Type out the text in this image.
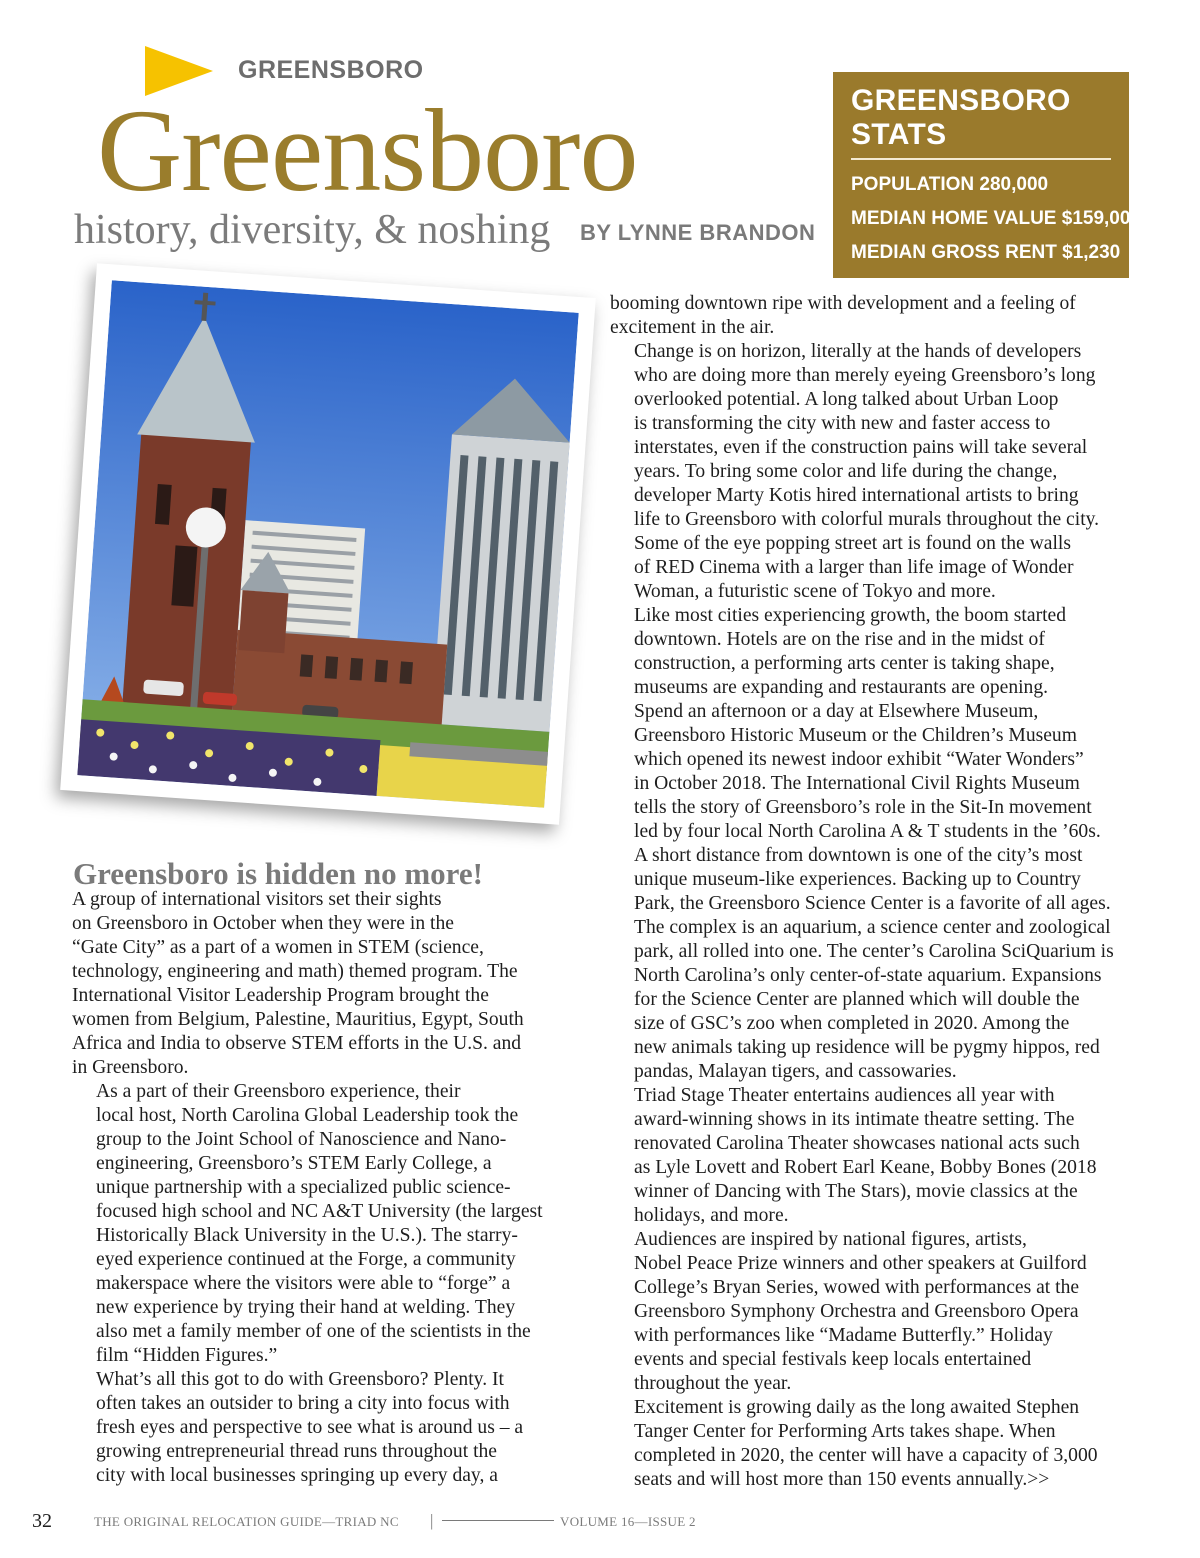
GREENSBORO
Greensboro
history, diversity, & noshing BY LYNNE BRANDON
GREENSBORO STATS
POPULATION 280,000
MEDIAN HOME VALUE $159,000
MEDIAN GROSS RENT $1,230
COST OF LIVING 88.4 / US 100
Greensboro is hidden no more!

A group of international visitors set their sights
on Greensboro in October when they were in the
“Gate City” as a part of a women in STEM (science,
technology, engineering and math) themed program. The
International Visitor Leadership Program brought the
women from Belgium, Palestine, Mauritius, Egypt, South
Africa and India to observe STEM efforts in the U.S. and
in Greensboro.

As a part of their Greensboro experience, their
local host, North Carolina Global Leadership took the
group to the Joint School of Nanoscience and Nano-
engineering, Greensboro’s STEM Early College, a
unique partnership with a specialized public science-
focused high school and NC A&T University (the largest
Historically Black University in the U.S.). The starry-
eyed experience continued at the Forge, a community
makerspace where the visitors were able to “forge” a
new experience by trying their hand at welding. They
also met a family member of one of the scientists in the
film “Hidden Figures.”

What’s all this got to do with Greensboro? Plenty. It
often takes an outsider to bring a city into focus with
fresh eyes and perspective to see what is around us – a
growing entrepreneurial thread runs throughout the
city with local businesses springing up every day, a

booming downtown ripe with development and a feeling of
excitement in the air.

Change is on horizon, literally at the hands of developers
who are doing more than merely eyeing Greensboro’s long
overlooked potential. A long talked about Urban Loop
is transforming the city with new and faster access to
interstates, even if the construction pains will take several
years. To bring some color and life during the change,
developer Marty Kotis hired international artists to bring
life to Greensboro with colorful murals throughout the city.
Some of the eye popping street art is found on the walls
of RED Cinema with a larger than life image of Wonder
Woman, a futuristic scene of Tokyo and more.

Like most cities experiencing growth, the boom started
downtown. Hotels are on the rise and in the midst of
construction, a performing arts center is taking shape,
museums are expanding and restaurants are opening.

Spend an afternoon or a day at Elsewhere Museum,
Greensboro Historic Museum or the Children’s Museum
which opened its newest indoor exhibit “Water Wonders”
in October 2018. The International Civil Rights Museum
tells the story of Greensboro’s role in the Sit-In movement
led by four local North Carolina A & T students in the ’60s.

A short distance from downtown is one of the city’s most
unique museum-like experiences. Backing up to Country
Park, the Greensboro Science Center is a favorite of all ages.
The complex is an aquarium, a science center and zoological
park, all rolled into one. The center’s Carolina SciQuarium is
North Carolina’s only center-of-state aquarium. Expansions
for the Science Center are planned which will double the
size of GSC’s zoo when completed in 2020. Among the
new animals taking up residence will be pygmy hippos, red
pandas, Malayan tigers, and cassowaries.

Triad Stage Theater entertains audiences all year with
award-winning shows in its intimate theatre setting. The
renovated Carolina Theater showcases national acts such
as Lyle Lovett and Robert Earl Keane, Bobby Bones (2018
winner of Dancing with The Stars), movie classics at the
holidays, and more.

Audiences are inspired by national figures, artists,
Nobel Peace Prize winners and other speakers at Guilford
College’s Bryan Series, wowed with performances at the
Greensboro Symphony Orchestra and Greensboro Opera
with performances like “Madame Butterfly.” Holiday
events and special festivals keep locals entertained
throughout the year.

Excitement is growing daily as the long awaited Stephen
Tanger Center for Performing Arts takes shape. When
completed in 2020, the center will have a capacity of 3,000
seats and will host more than 150 events annually.>>

32	THE ORIGINAL RELOCATION GUIDE—TRIAD NC |	VOLUME 16—ISSUE 2
